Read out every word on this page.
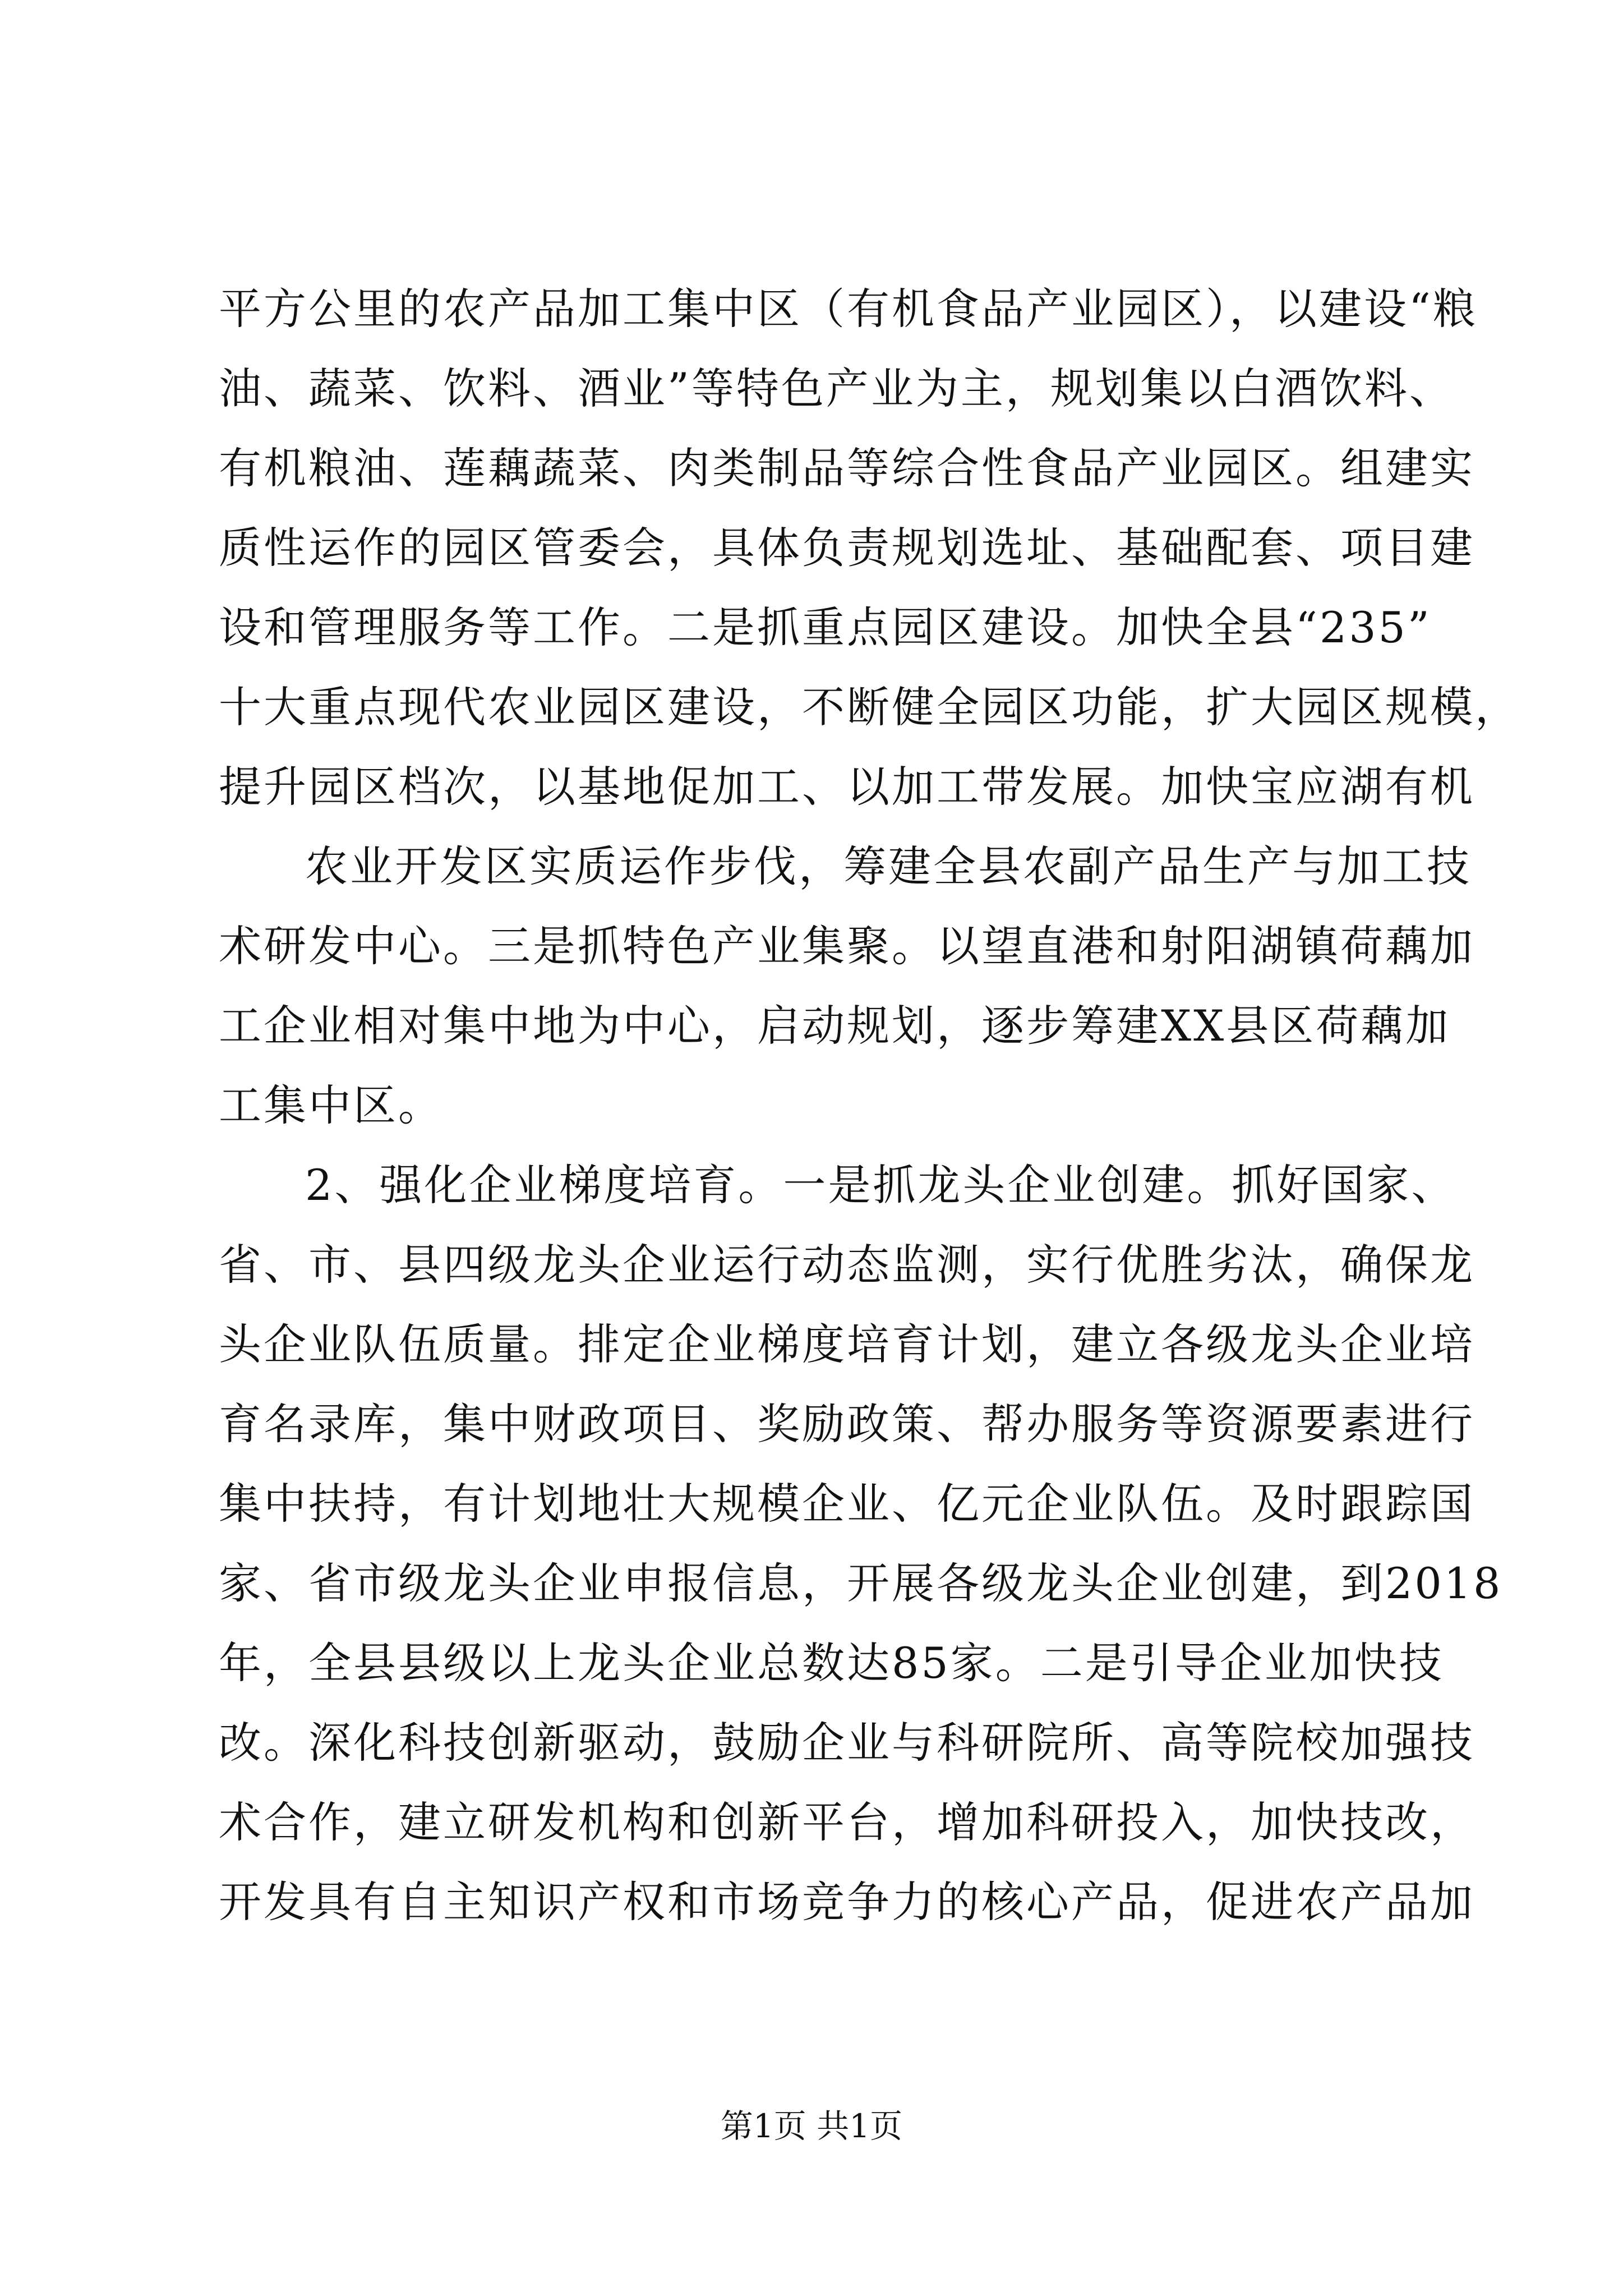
平方公里的农产品加工集中区（有机食品产业园区），以建设“粮
油、蔬菜、饮料、酒业”等特色产业为主，规划集以白酒饮料、
有机粮油、莲藕蔬菜、肉类制品等综合性食品产业园区。组建实
质性运作的园区管委会，具体负责规划选址、基础配套、项目建
设和管理服务等工作。二是抓重点园区建设。加快全县“235”
十大重点现代农业园区建设，不断健全园区功能，扩大园区规模，
提升园区档次，以基地促加工、以加工带发展。加快宝应湖有机
农业开发区实质运作步伐，筹建全县农副产品生产与加工技
术研发中心。三是抓特色产业集聚。以望直港和射阳湖镇荷藕加
工企业相对集中地为中心，启动规划，逐步筹建XX县区荷藕加
工集中区。
2、强化企业梯度培育。一是抓龙头企业创建。抓好国家、
省、市、县四级龙头企业运行动态监测，实行优胜劣汰，确保龙
头企业队伍质量。排定企业梯度培育计划，建立各级龙头企业培
育名录库，集中财政项目、奖励政策、帮办服务等资源要素进行
集中扶持，有计划地壮大规模企业、亿元企业队伍。及时跟踪国
家、省市级龙头企业申报信息，开展各级龙头企业创建，到2018
年，全县县级以上龙头企业总数达85家。二是引导企业加快技
改。深化科技创新驱动，鼓励企业与科研院所、高等院校加强技
术合作，建立研发机构和创新平台，增加科研投入，加快技改，
开发具有自主知识产权和市场竞争力的核心产品，促进农产品加
第1页 共1页
